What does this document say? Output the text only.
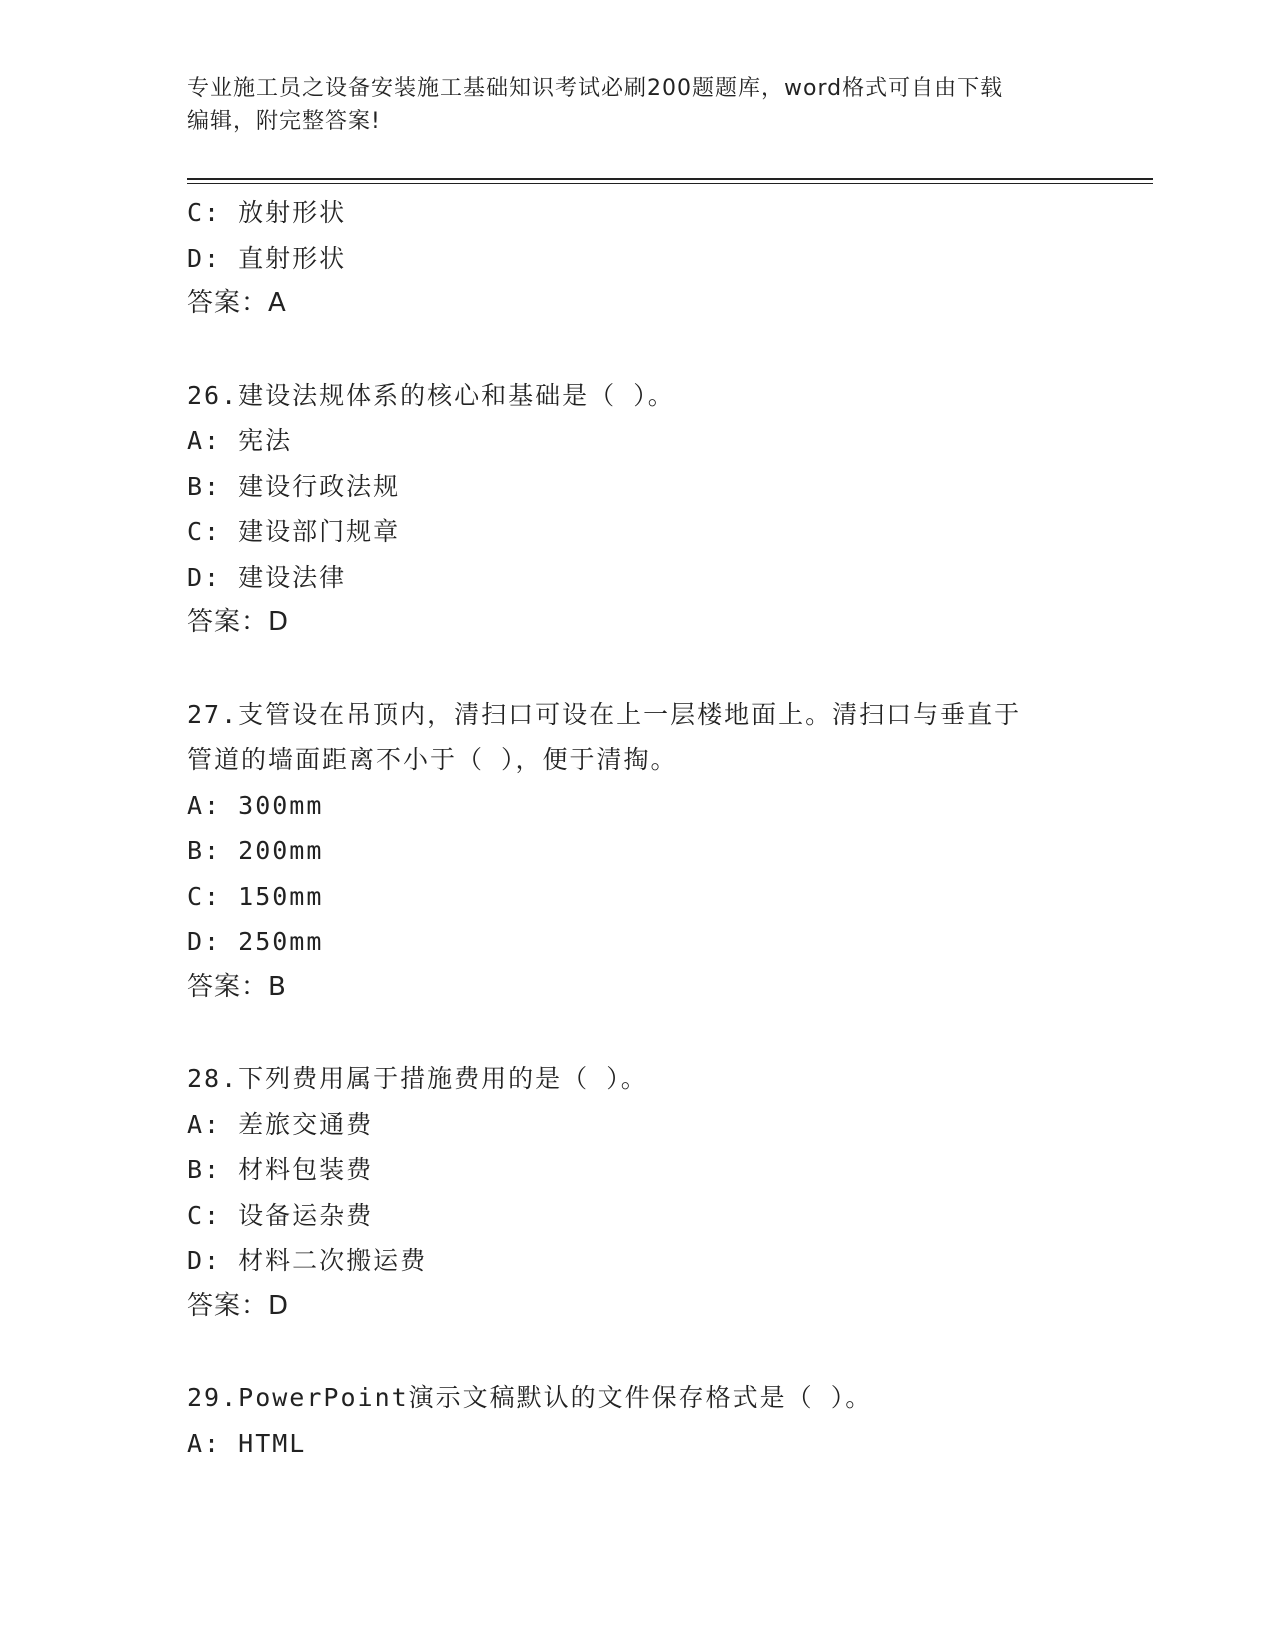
专业施工员之设备安装施工基础知识考试必刷200题题库，word格式可自由下载
编辑，附完整答案!
C: 放射形状
D: 直射形状
答案：A
26.建设法规体系的核心和基础是（ ）。
A: 宪法
B: 建设行政法规
C: 建设部门规章
D: 建设法律
答案：D
27.支管设在吊顶内，清扫口可设在上一层楼地面上。清扫口与垂直于
管道的墙面距离不小于（ ），便于清掏。
A: 300mm
B: 200mm
C: 150mm
D: 250mm
答案：B
28.下列费用属于措施费用的是（ ）。
A: 差旅交通费
B: 材料包装费
C: 设备运杂费
D: 材料二次搬运费
答案：D
29.PowerPoint演示文稿默认的文件保存格式是（ ）。
A: HTML
